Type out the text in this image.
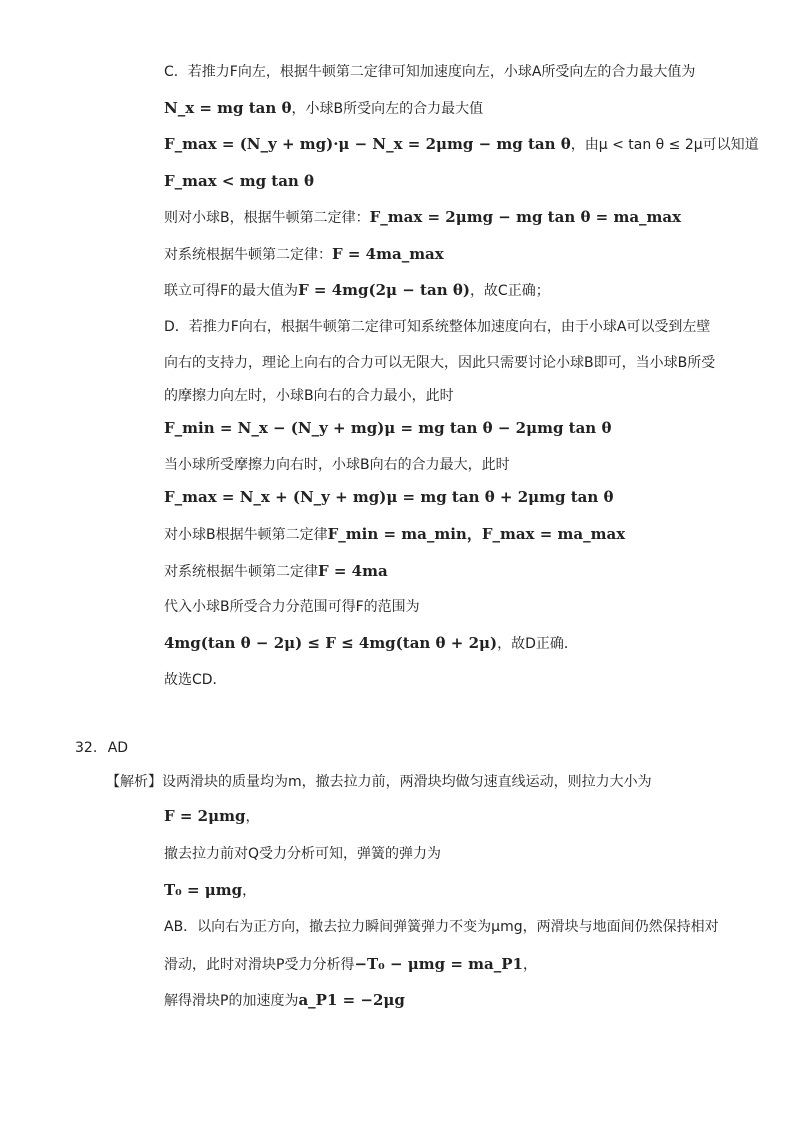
C．若推力F向左，根据牛顿第二定律可知加速度向左，小球A所受向左的合力最大值为
N_x = mg tan θ，小球B所受向左的合力最大值
F_max = (N_y + mg)·μ − N_x = 2μmg − mg tan θ，由μ < tan θ ≤ 2μ可以知道
F_max < mg tan θ
则对小球B，根据牛顿第二定律：F_max = 2μmg − mg tan θ = ma_max
对系统根据牛顿第二定律：F = 4ma_max
联立可得F的最大值为F = 4mg(2μ − tan θ)，故C正确；
D．若推力F向右，根据牛顿第二定律可知系统整体加速度向右，由于小球A可以受到左壁
向右的支持力，理论上向右的合力可以无限大，因此只需要讨论小球B即可，当小球B所受
的摩擦力向左时，小球B向右的合力最小，此时
F_min = N_x − (N_y + mg)μ = mg tan θ − 2μmg tan θ
当小球所受摩擦力向右时，小球B向右的合力最大，此时
F_max = N_x + (N_y + mg)μ = mg tan θ + 2μmg tan θ
对小球B根据牛顿第二定律F_min = ma_min，F_max = ma_max
对系统根据牛顿第二定律F = 4ma
代入小球B所受合力分范围可得F的范围为
4mg(tan θ − 2μ) ≤ F ≤ 4mg(tan θ + 2μ)，故D正确．
故选CD．
32. AD
【解析】设两滑块的质量均为m，撤去拉力前，两滑块均做匀速直线运动，则拉力大小为
F = 2μmg，
撤去拉力前对Q受力分析可知，弹簧的弹力为
T₀ = μmg，
AB．以向右为正方向，撤去拉力瞬间弹簧弹力不变为μmg，两滑块与地面间仍然保持相对
滑动，此时对滑块P受力分析得−T₀ − μmg = ma_P1，
解得滑块P的加速度为a_P1 = −2μg
